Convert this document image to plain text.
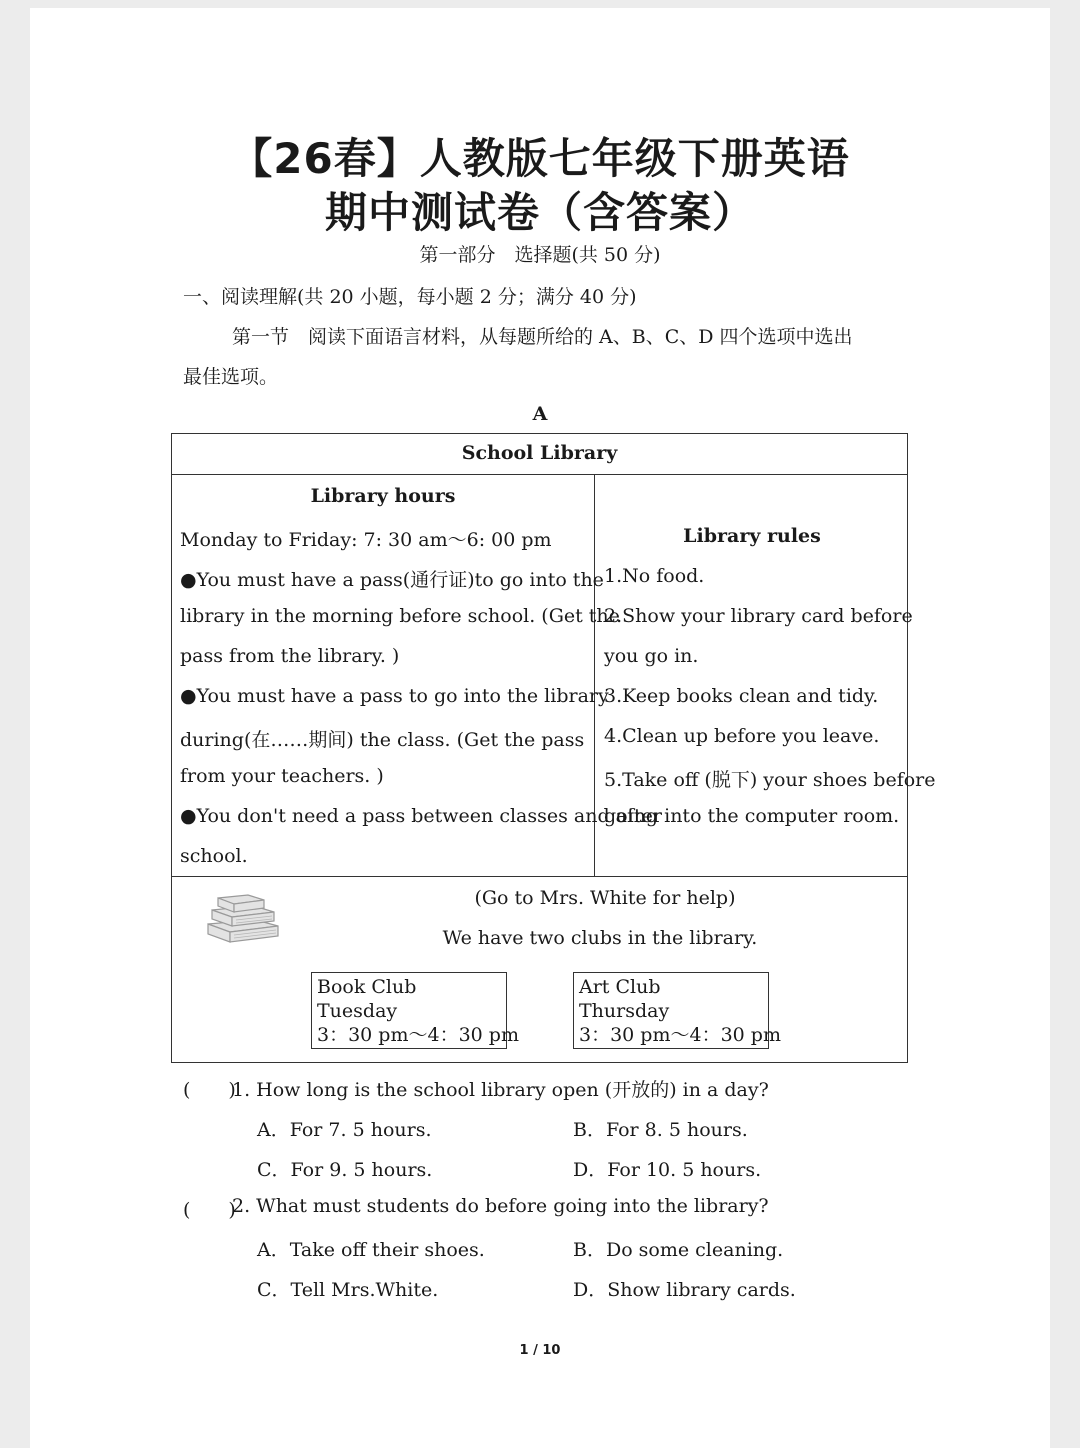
【26春】人教版七年级下册英语
期中测试卷（含答案）
第一部分　选择题(共 50 分)
一、阅读理解(共 20 小题，每小题 2 分；满分 40 分)
第一节　阅读下面语言材料，从每题所给的 A、B、C、D 四个选项中选出
最佳选项。
A
School Library
Library hours
Monday to Friday: 7: 30 am～6: 00 pm
●You must have a pass(通行证)to go into the
library in the morning before school. (Get the
pass from the library. )
●You must have a pass to go into the library
during(在……期间) the class. (Get the pass
from your teachers. )
●You don't need a pass between classes and after
school.
Library rules
1.No food.
2.Show your library card before
you go in.
3.Keep books clean and tidy.
4.Clean up before you leave.
5.Take off (脱下) your shoes before
going into the computer room.
(Go to Mrs. White for help)
We have two clubs in the library.
Book Club
Tuesday
3：30 pm～4：30 pm
Art Club
Thursday
3：30 pm～4：30 pm
(　　)
1. How long is the school library open (开放的) in a day?
A．For 7. 5 hours.	B．For 8. 5 hours.
C．For 9. 5 hours.	D．For 10. 5 hours.
(　　)
2. What must students do before going into the library?
A．Take off their shoes.	B．Do some cleaning.
C．Tell Mrs.White.	D．Show library cards.
1 / 10
